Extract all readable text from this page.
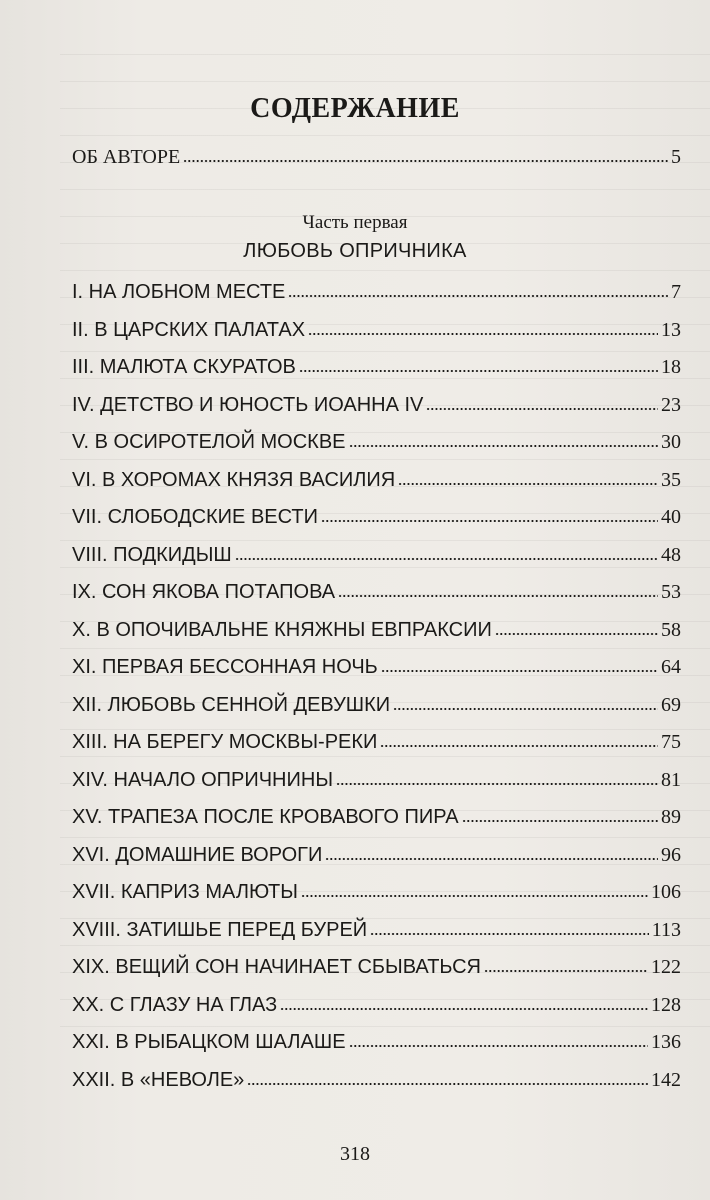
СОДЕРЖАНИЕ
ОБ АВТОРЕ	5
Часть первая
ЛЮБОВЬ ОПРИЧНИКА
I. НА ЛОБНОМ МЕСТЕ	7
II. В ЦАРСКИХ ПАЛАТАХ	13
III. МАЛЮТА СКУРАТОВ	18
IV. ДЕТСТВО И ЮНОСТЬ ИОАННА IV	23
V. В ОСИРОТЕЛОЙ МОСКВЕ	30
VI. В ХОРОМАХ КНЯЗЯ ВАСИЛИЯ	35
VII. СЛОБОДСКИЕ ВЕСТИ	40
VIII. ПОДКИДЫШ	48
IX. СОН ЯКОВА ПОТАПОВА	53
X. В ОПОЧИВАЛЬНЕ КНЯЖНЫ ЕВПРАКСИИ	58
XI. ПЕРВАЯ БЕССОННАЯ НОЧЬ	64
XII. ЛЮБОВЬ СЕННОЙ ДЕВУШКИ	69
XIII. НА БЕРЕГУ МОСКВЫ-РЕКИ	75
XIV. НАЧАЛО ОПРИЧНИНЫ	81
XV. ТРАПЕЗА ПОСЛЕ КРОВАВОГО ПИРА	89
XVI. ДОМАШНИЕ ВОРОГИ	96
XVII. КАПРИЗ МАЛЮТЫ	106
XVIII. ЗАТИШЬЕ ПЕРЕД БУРЕЙ	113
XIX. ВЕЩИЙ СОН НАЧИНАЕТ СБЫВАТЬСЯ	122
XX. С ГЛАЗУ НА ГЛАЗ	128
XXI. В РЫБАЦКОМ ШАЛАШЕ	136
XXII. В «НЕВОЛЕ»	142
318
